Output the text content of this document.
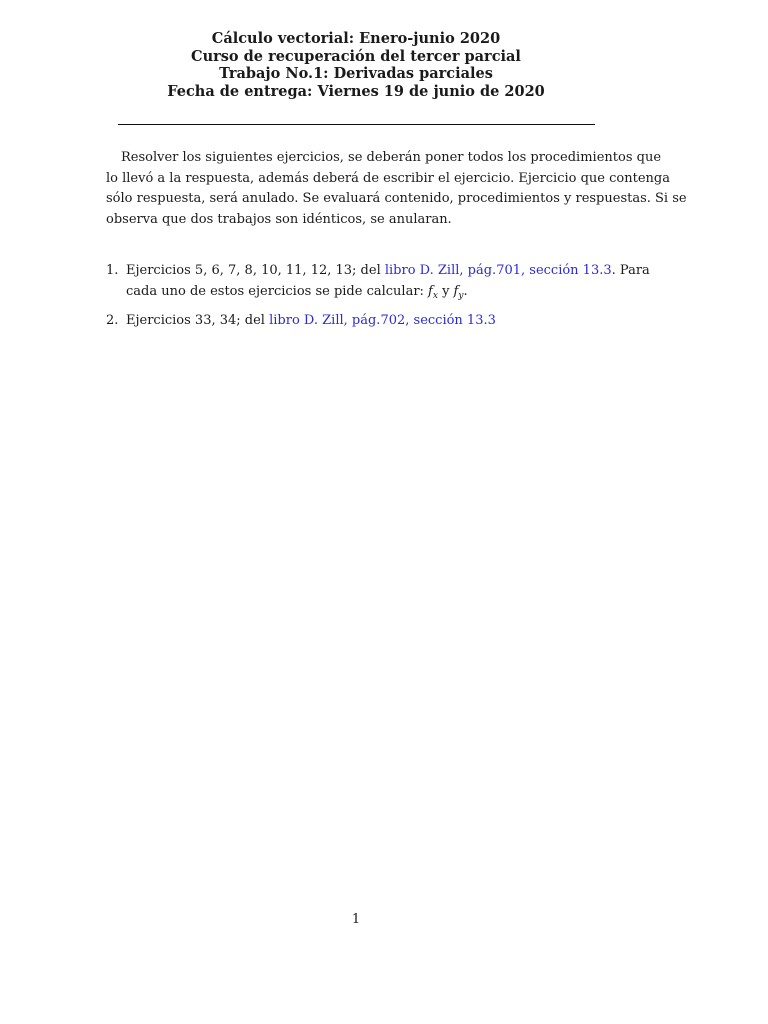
Cálculo vectorial: Enero-junio 2020
Curso de recuperación del tercer parcial
Trabajo No.1: Derivadas parciales
Fecha de entrega: Viernes 19 de junio de 2020
Resolver los siguientes ejercicios, se deberán poner todos los procedimientos que
lo llevó a la respuesta, además deberá de escribir el ejercicio. Ejercicio que contenga
sólo respuesta, será anulado. Se evaluará contenido, procedimientos y respuestas. Si se
observa que dos trabajos son idénticos, se anularan.
1. Ejercicios 5, 6, 7, 8, 10, 11, 12, 13; del libro D. Zill, pág.701, sección 13.3. Para
cada uno de estos ejercicios se pide calcular: $f_x$ y $f_y$.
2. Ejercicios 33, 34; del libro D. Zill, pág.702, sección 13.3
1
